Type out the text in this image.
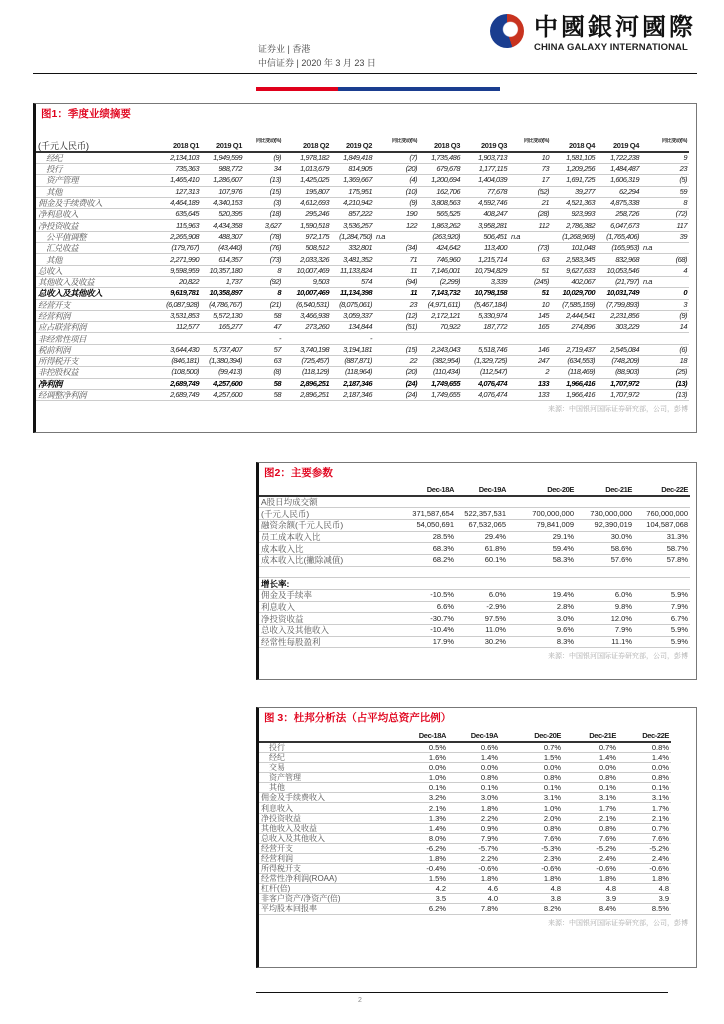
中國銀河國際
CHINA GALAXY INTERNATIONAL
证券业 | 香港
中信证券 | 2020 年 3 月 23 日
图1：季度业绩摘要
(千元人民币)	2018 Q1	2019 Q1	同比变动(%)	2018 Q2	2019 Q2	同比变动(%)	2018 Q3	2019 Q3	同比变动(%)	2018 Q4	2019 Q4	同比变动(%)
经纪	2,134,103	1,949,599	(9)	1,978,182	1,849,418	(7)	1,735,486	1,903,713	10	1,581,105	1,722,238	9
投行	735,363	988,772	34	1,013,679	814,905	(20)	679,678	1,177,115	73	1,209,256	1,484,487	23
资产管理	1,465,410	1,286,607	(13)	1,425,025	1,369,667	(4)	1,200,694	1,404,039	17	1,691,725	1,606,319	(5)
其他	127,313	107,976	(15)	195,807	175,951	(10)	162,706	77,678	(52)	39,277	62,294	59
佣金及手续费收入	4,464,189	4,340,153	(3)	4,612,693	4,210,942	(9)	3,808,563	4,592,746	21	4,521,363	4,875,338	8
净利息收入	635,645	520,395	(18)	295,246	857,222	190	565,525	408,247	(28)	923,993	258,726	(72)
净投资收益	115,963	4,434,358	3,627	1,590,518	3,536,257	122	1,863,262	3,958,281	112	2,786,382	6,047,673	117
公平值调整	2,265,908	488,307	(78)	972,175	(1,284,750)	n.a	(263,920)	506,451	n.a	(1,268,969)	(1,765,406)	39
汇兑收益	(179,767)	(43,440)	(76)	508,512	332,801	(34)	424,642	113,400	(73)	101,048	(165,953)	n.a
其他	2,271,990	614,357	(73)	2,033,326	3,481,352	71	746,960	1,215,714	63	2,583,345	832,968	(68)
总收入	9,598,959	10,357,180	8	10,007,469	11,133,824	11	7,146,001	10,794,829	51	9,627,633	10,053,546	4
其他收入及收益	20,822	1,737	(92)	9,503	574	(94)	(2,299)	3,339	(245)	402,067	(21,797)	n.a
总收入及其他收入	9,619,781	10,358,897	8	10,007,469	11,134,398	11	7,143,732	10,798,158	51	10,029,700	10,031,749	0
经营开支	(6,087,928)	(4,786,767)	(21)	(6,540,531)	(8,075,061)	23	(4,971,611)	(5,467,184)	10	(7,585,159)	(7,799,893)	3
经营利润	3,531,853	5,572,130	58	3,466,938	3,059,337	(12)	2,172,121	5,330,974	145	2,444,541	2,231,856	(9)
应占联营利润	112,577	165,277	47	273,260	134,844	(51)	70,922	187,772	165	274,896	303,229	14
非经常性项目			-		-							
税前利润	3,644,430	5,737,407	57	3,740,198	3,194,181	(15)	2,243,043	5,518,746	146	2,719,437	2,545,084	(6)
所得税开支	(846,181)	(1,380,394)	63	(725,457)	(887,871)	22	(382,954)	(1,329,725)	247	(634,553)	(748,209)	18
非控股权益	(108,500)	(99,413)	(8)	(118,129)	(118,964)	(20)	(110,434)	(112,547)	2	(118,469)	(88,903)	(25)
净利润	2,689,749	4,257,600	58	2,896,251	2,187,346	(24)	1,749,655	4,076,474	133	1,966,416	1,707,972	(13)
经调整净利润	2,689,749	4,257,600	58	2,896,251	2,187,346	(24)	1,749,655	4,076,474	133	1,966,416	1,707,972	(13)
来源：中国银河国际证券研究部，公司，彭博
图2：主要参数
	Dec-18A	Dec-19A	Dec-20E	Dec-21E	Dec-22E
A股日均成交额					
(千元人民币)	371,587,654	522,357,531	700,000,000	730,000,000	760,000,000
融资余额(千元人民币)	54,050,691	67,532,065	79,841,009	92,390,019	104,587,068
员工成本收入比	28.5%	29.4%	29.1%	30.0%	31.3%
成本收入比	68.3%	61.8%	59.4%	58.6%	58.7%
成本收入比(撇除减值)	68.2%	60.1%	58.3%	57.6%	57.8%

增长率:					
佣金及手续率	-10.5%	6.0%	19.4%	6.0%	5.9%
利息收入	6.6%	-2.9%	2.8%	9.8%	7.9%
净投资收益	-30.7%	97.5%	3.0%	12.0%	6.7%
总收入及其他收入	-10.4%	11.0%	9.6%	7.9%	5.9%
经常性每股盈利	17.9%	30.2%	8.3%	11.1%	5.9%
来源：中国银河国际证券研究部，公司，彭博
图 3：杜邦分析法（占平均总资产比例）
	Dec-18A	Dec-19A	Dec-20E	Dec-21E	Dec-22E
投行	0.5%	0.6%	0.7%	0.7%	0.8%
经纪	1.6%	1.4%	1.5%	1.4%	1.4%
交易	0.0%	0.0%	0.0%	0.0%	0.0%
资产管理	1.0%	0.8%	0.8%	0.8%	0.8%
其他	0.1%	0.1%	0.1%	0.1%	0.1%
佣金及手续费收入	3.2%	3.0%	3.1%	3.1%	3.1%
利息收入	2.1%	1.8%	1.0%	1.7%	1.7%
净投资收益	1.3%	2.2%	2.0%	2.1%	2.1%
其他收入及收益	1.4%	0.9%	0.8%	0.8%	0.7%
总收入及其他收入	8.0%	7.9%	7.6%	7.6%	7.6%
经营开支	-6.2%	-5.7%	-5.3%	-5.2%	-5.2%
经营利润	1.8%	2.2%	2.3%	2.4%	2.4%
所得税开支	-0.4%	-0.6%	-0.6%	-0.6%	-0.6%
经常性净利润(ROAA)	1.5%	1.8%	1.8%	1.8%	1.8%
杠杆(倍)	4.2	4.6	4.8	4.8	4.8
非客户资产/净资产(倍)	3.5	4.0	3.8	3.9	3.9
平均股本回报率	6.2%	7.8%	8.2%	8.4%	8.5%
来源：中国银河国际证券研究部，公司，彭博
2
